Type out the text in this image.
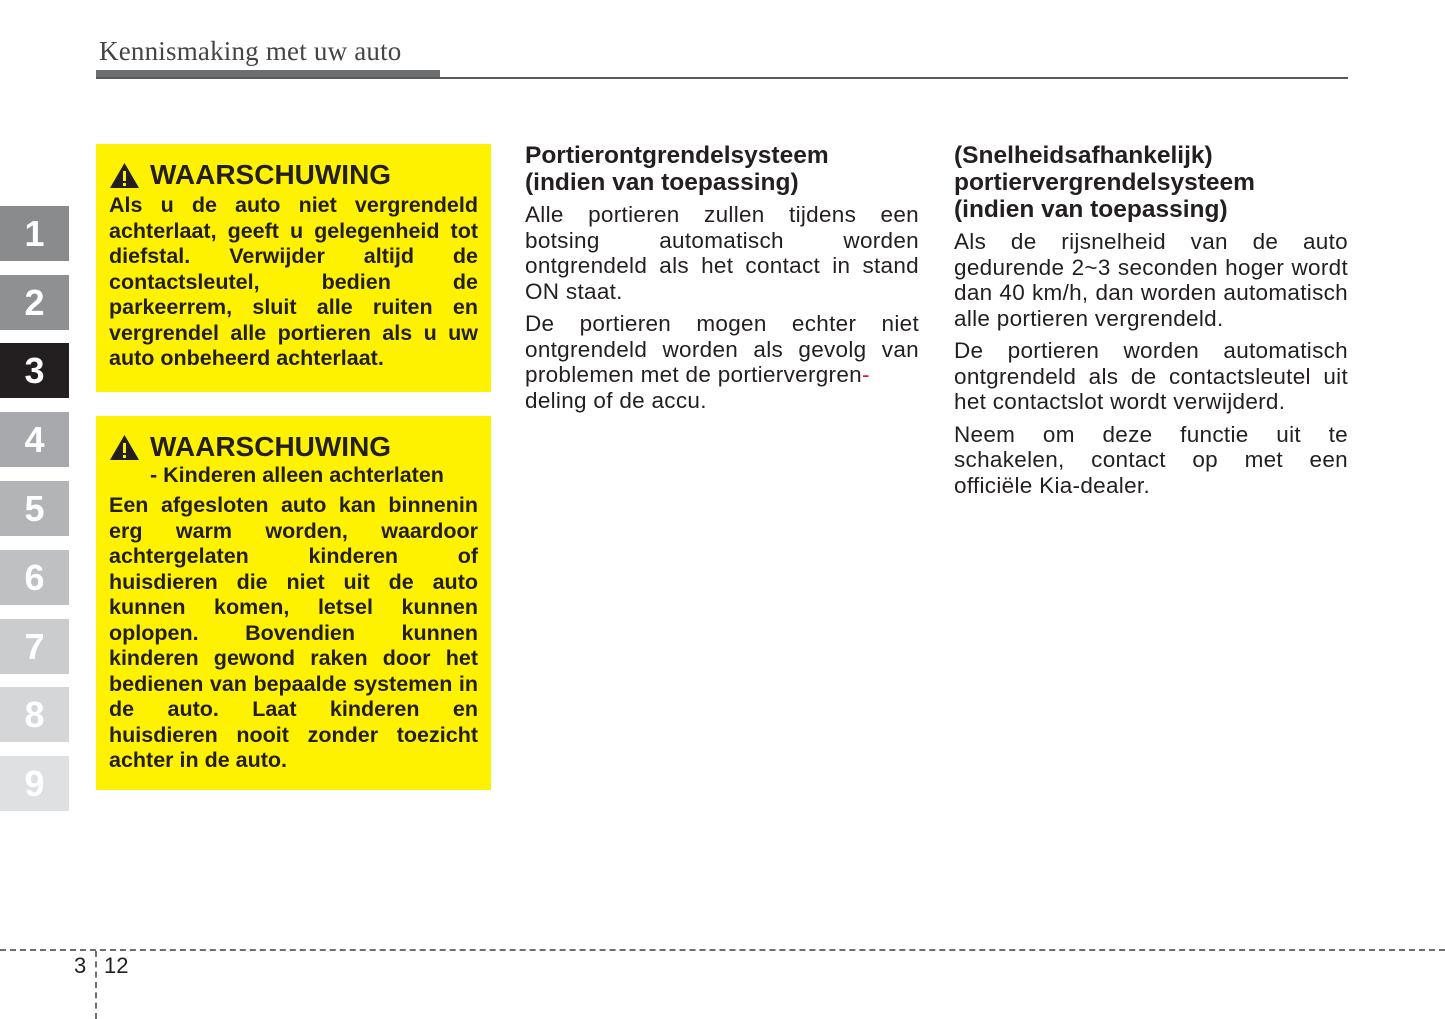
Kennismaking met uw auto
1
2
3
4
5
6
7
8
9
WAARSCHUWING

Als u de auto niet vergrendeld achterlaat, geeft u gelegenheid tot diefstal. Verwijder altijd de contactsleutel, bedien de parkeerrem, sluit alle ruiten en vergrendel alle portieren als u uw auto onbeheerd achterlaat.

WAARSCHUWING
- Kinderen alleen achterlaten

Een afgesloten auto kan binnenin erg warm worden, waardoor achtergelaten kinderen of huisdieren die niet uit de auto kunnen komen, letsel kunnen oplopen. Bovendien kunnen kinderen gewond raken door het bedienen van bepaalde systemen in de auto. Laat kinderen en huisdieren nooit zonder toezicht achter in de auto.

Portierontgrendelsysteem
(indien van toepassing)

Alle portieren zullen tijdens een botsing automatisch worden ontgrendeld als het contact in stand ON staat.

De portieren mogen echter niet ontgrendeld worden als gevolg van problemen met de portiervergren-
deling of de accu.

(Snelheidsafhankelijk)
portiervergrendelsysteem
(indien van toepassing)

Als de rijsnelheid van de auto gedurende 2~3 seconden hoger wordt dan 40 km/h, dan worden automatisch alle portieren vergrendeld.

De portieren worden automatisch ontgrendeld als de contactsleutel uit het contactslot wordt verwijderd.

Neem om deze functie uit te schakelen, contact op met een officiële Kia-dealer.

3 12
